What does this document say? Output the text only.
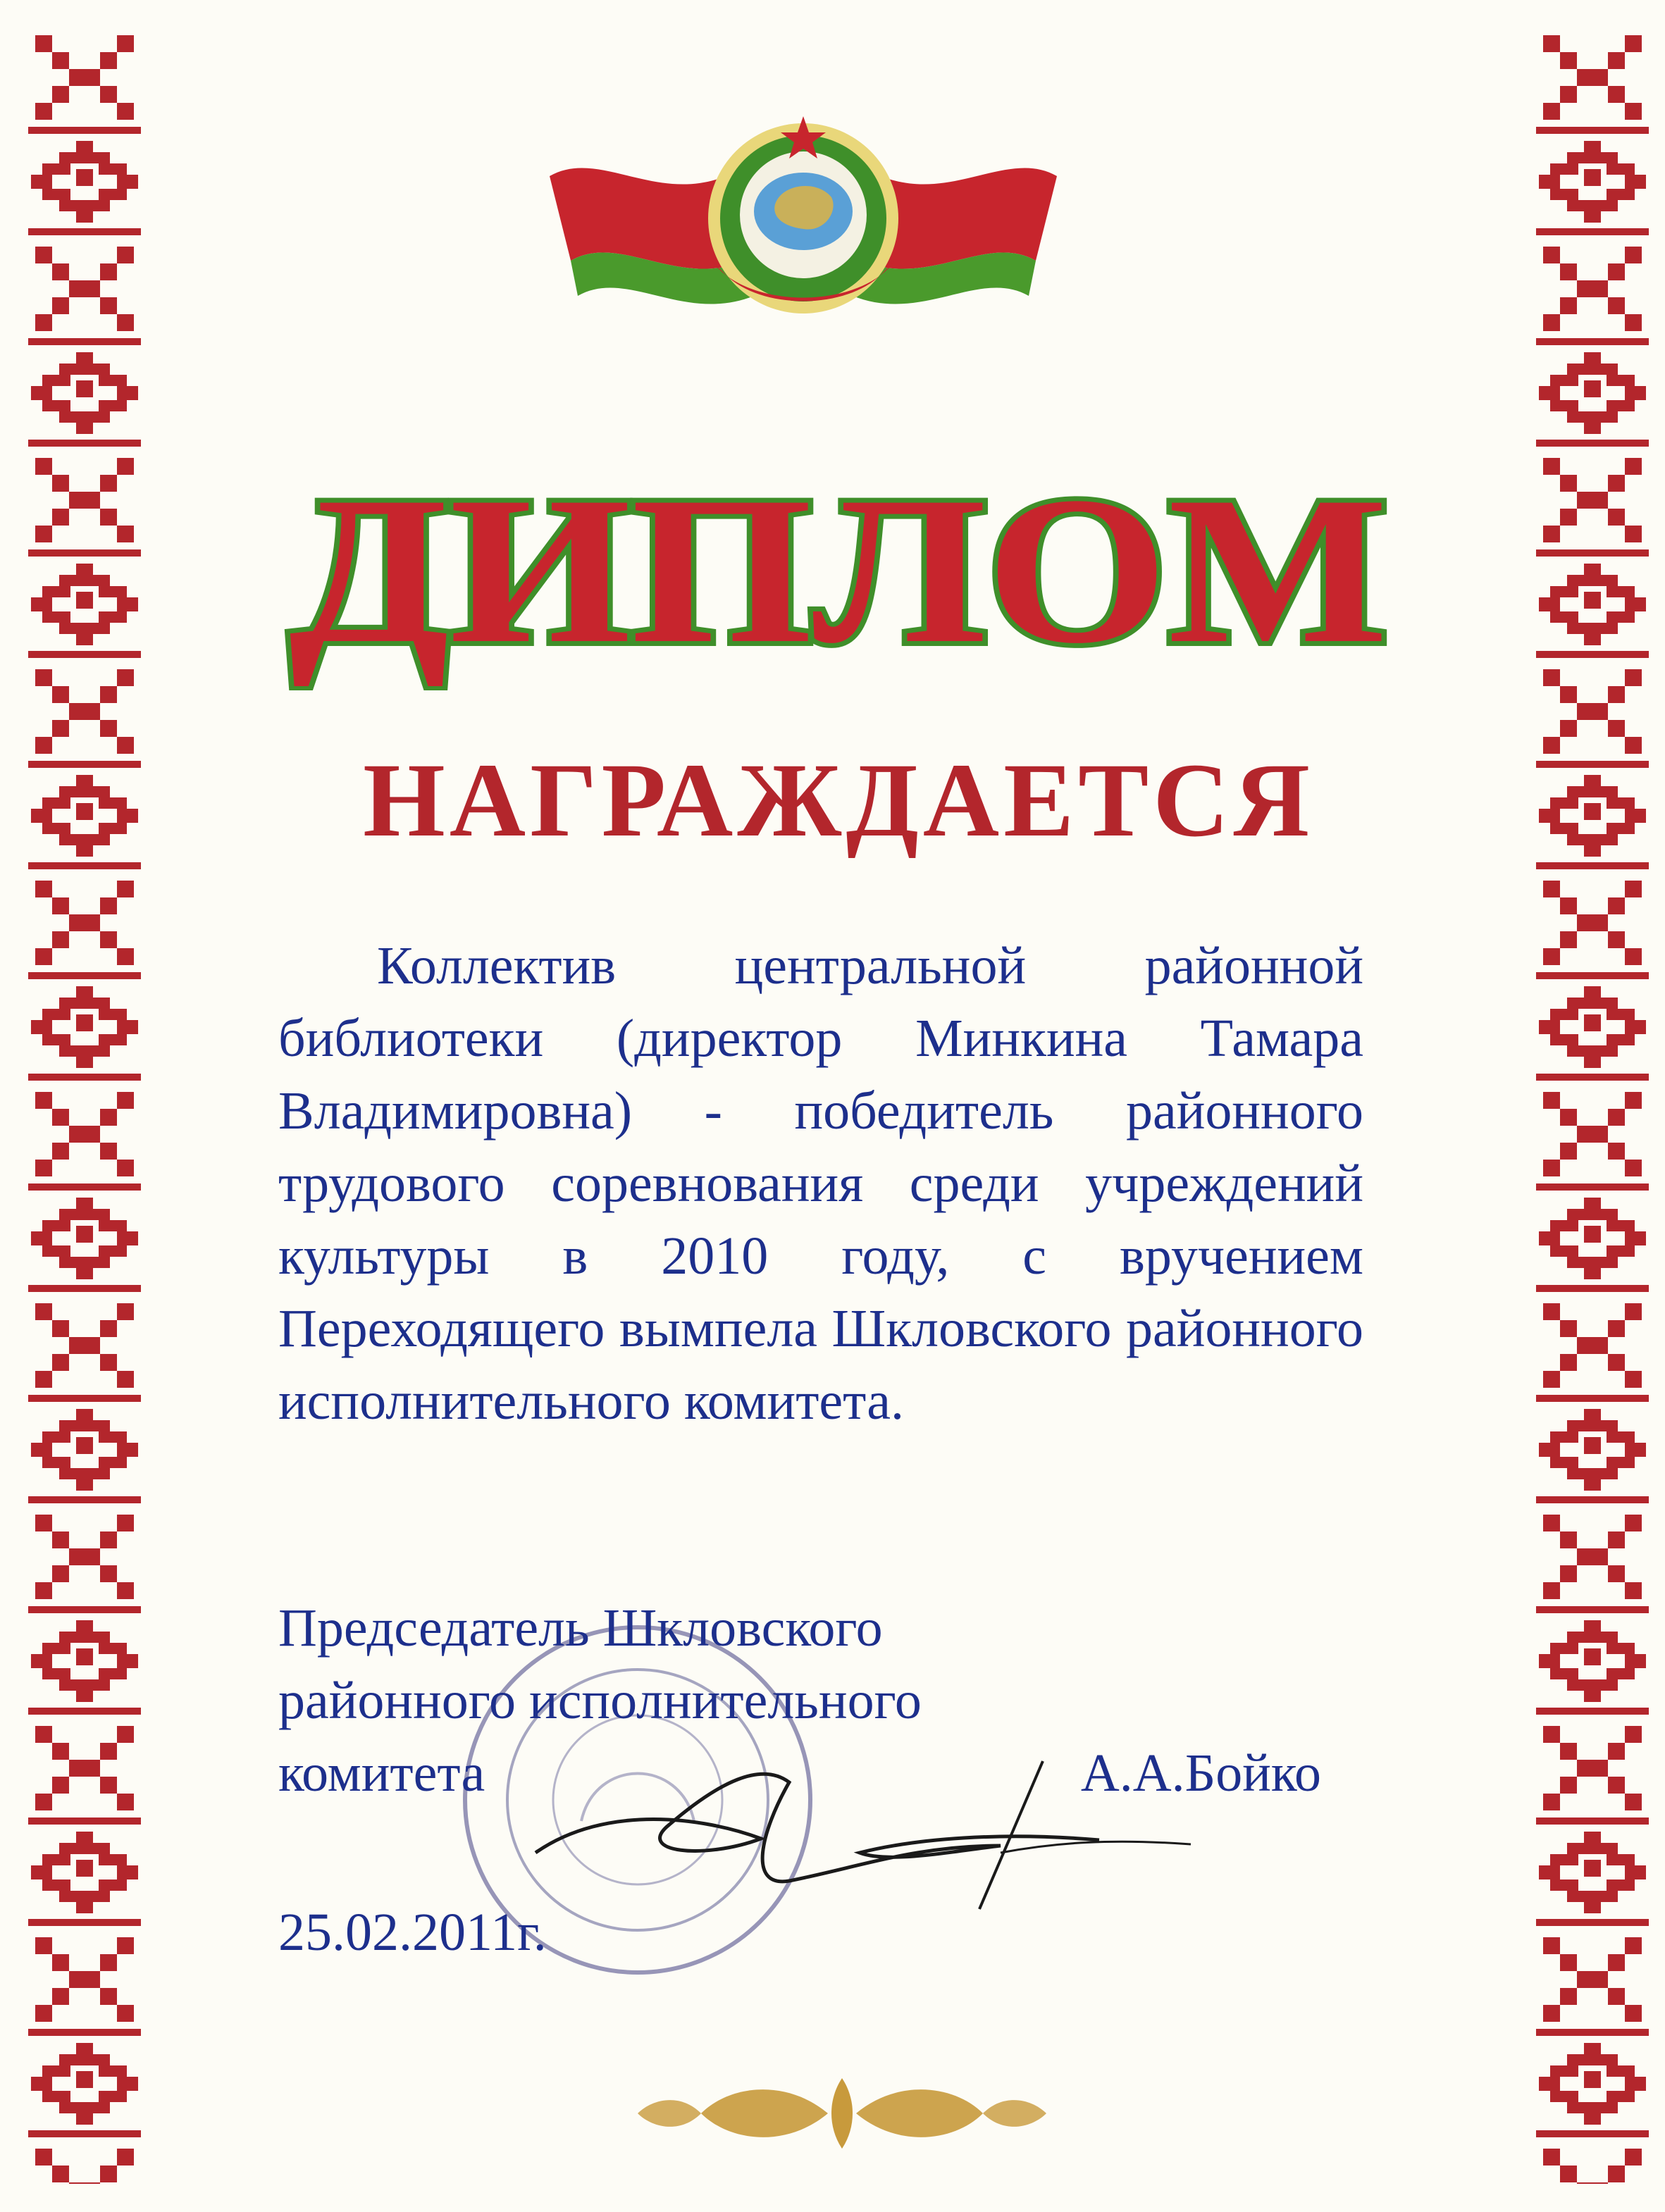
ДИПЛОМ
НАГРАЖДАЕТСЯ
Коллектив центральной районной библиотеки (директор Минкина Тамара Владимировна) - победитель районного трудового соревнования среди учреждений культуры в 2010 году, с вручением Переходящего вымпела Шкловского районного исполнительного комитета.
Председатель Шкловского
районного исполнительного
комитета	А.А.Бойко
25.02.2011г.
